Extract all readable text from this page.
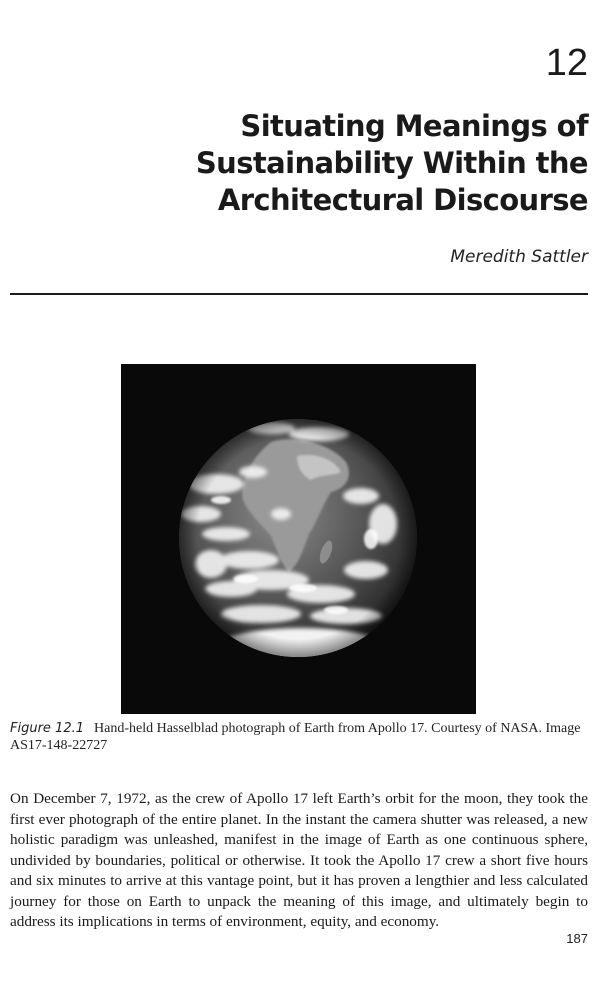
12
Situating Meanings of
Sustainability Within the
Architectural Discourse
Meredith Sattler

Figure 12.1 Hand-held Hasselblad photograph of Earth from Apollo 17. Courtesy of NASA. Image AS17-148-22727

On December 7, 1972, as the crew of Apollo 17 left Earth’s orbit for the moon, they took the first ever photograph of the entire planet. In the instant the camera shutter was released, a new holistic paradigm was unleashed, manifest in the image of Earth as one continuous sphere, undivided by boundaries, political or otherwise. It took the Apollo 17 crew a short five hours and six minutes to arrive at this vantage point, but it has proven a lengthier and less calculated journey for those on Earth to unpack the meaning of this image, and ultimately begin to address its implications in terms of environment, equity, and economy.

187
